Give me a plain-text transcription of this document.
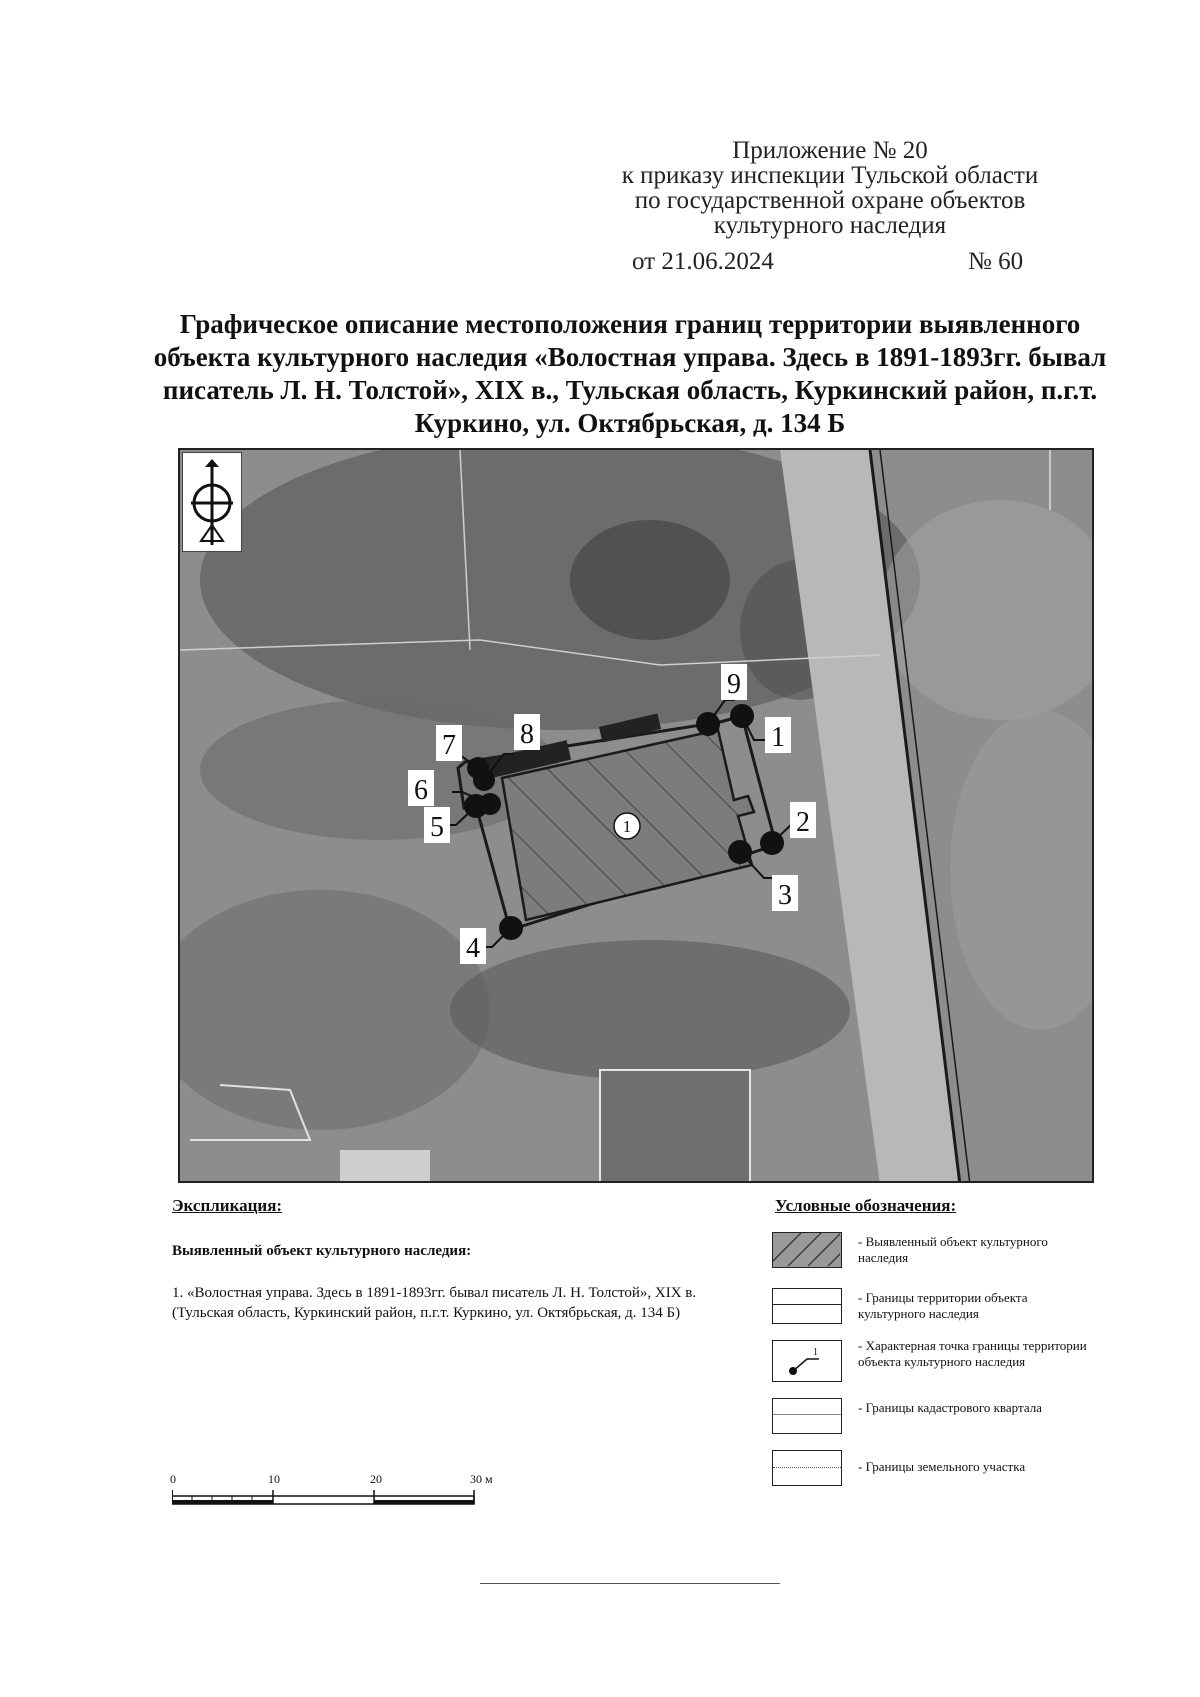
Приложение № 20
к приказу инспекции Тульской области
по государственной охране объектов
культурного наследия
от 21.06.2024	№ 60
Графическое описание местоположения границ территории выявленного объекта культурного наследия «Волостная управа. Здесь в 1891-1893гг. бывал писатель Л. Н. Толстой», XIX в., Тульская область, Куркинский район, п.г.т. Куркино, ул. Октябрьская, д. 134 Б
1
1
2
3
4
5
6
7 8
9
Экспликация:
Выявленный объект культурного наследия:
1. «Волостная управа. Здесь в 1891-1893гг. бывал писатель Л. Н. Толстой», XIX в. (Тульская область, Куркинский район, п.г.т. Куркино, ул. Октябрьская, д. 134 Б)
Условные обозначения:
- Выявленный объект культурного наследия
- Границы территории объекта культурного наследия
1	- Характерная точка границы территории объекта культурного наследия
- Границы кадастрового квартала
- Границы земельного участка
0	10	20	30 м
